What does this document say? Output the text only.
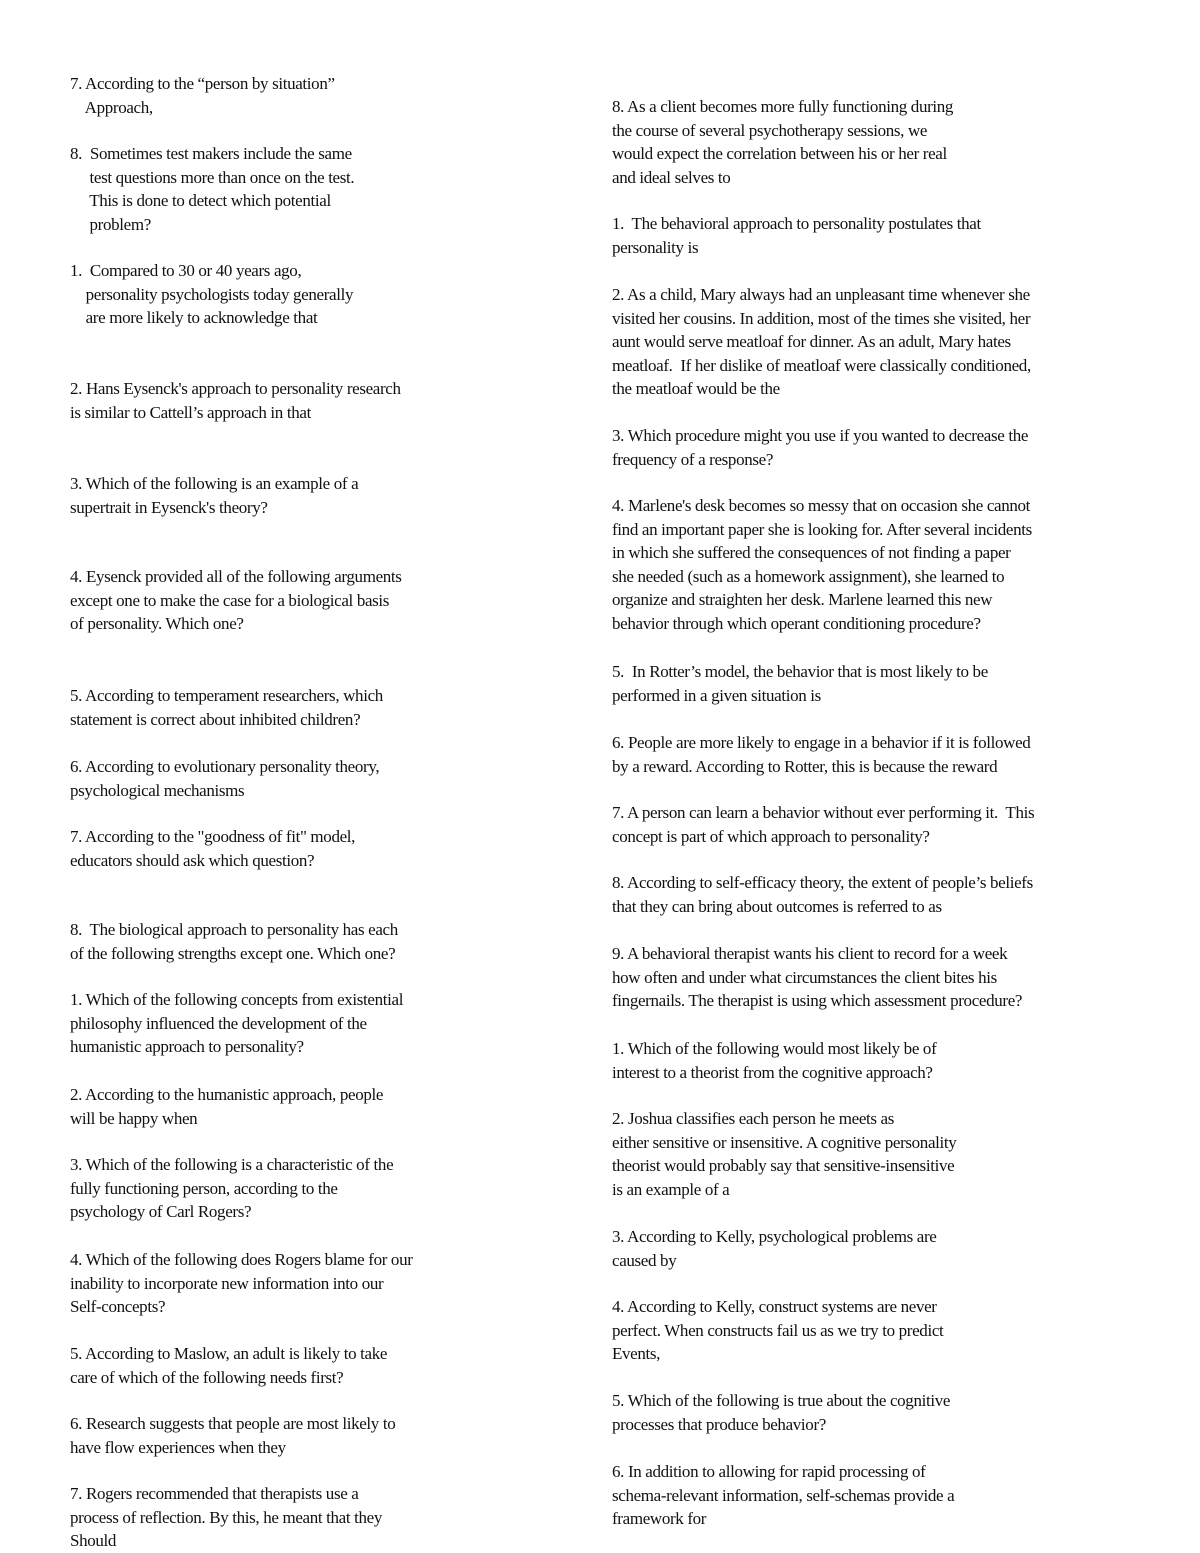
7. According to the “person by situation”
Approach,

8.  Sometimes test makers include the same
test questions more than once on the test.
This is done to detect which potential
problem?

1.  Compared to 30 or 40 years ago,
personality psychologists today generally
are more likely to acknowledge that

2. Hans Eysenck's approach to personality research
is similar to Cattell’s approach in that

3. Which of the following is an example of a
supertrait in Eysenck's theory?

4. Eysenck provided all of the following arguments
except one to make the case for a biological basis
of personality. Which one?

5. According to temperament researchers, which
statement is correct about inhibited children?

6. According to evolutionary personality theory,
psychological mechanisms

7. According to the "goodness of fit" model,
educators should ask which question?

8.  The biological approach to personality has each
of the following strengths except one. Which one?

1. Which of the following concepts from existential
philosophy influenced the development of the
humanistic approach to personality?

2. According to the humanistic approach, people
will be happy when

3. Which of the following is a characteristic of the
fully functioning person, according to the
psychology of Carl Rogers?

4. Which of the following does Rogers blame for our
inability to incorporate new information into our
Self-concepts?

5. According to Maslow, an adult is likely to take
care of which of the following needs first?

6. Research suggests that people are most likely to
have flow experiences when they

7. Rogers recommended that therapists use a
process of reflection. By this, he meant that they
Should

8. As a client becomes more fully functioning during
the course of several psychotherapy sessions, we
would expect the correlation between his or her real
and ideal selves to

1.  The behavioral approach to personality postulates that
personality is

2. As a child, Mary always had an unpleasant time whenever she
visited her cousins. In addition, most of the times she visited, her
aunt would serve meatloaf for dinner. As an adult, Mary hates
meatloaf.  If her dislike of meatloaf were classically conditioned,
the meatloaf would be the

3. Which procedure might you use if you wanted to decrease the
frequency of a response?

4. Marlene's desk becomes so messy that on occasion she cannot
find an important paper she is looking for. After several incidents
in which she suffered the consequences of not finding a paper
she needed (such as a homework assignment), she learned to
organize and straighten her desk. Marlene learned this new
behavior through which operant conditioning procedure?

5.  In Rotter’s model, the behavior that is most likely to be
performed in a given situation is

6. People are more likely to engage in a behavior if it is followed
by a reward. According to Rotter, this is because the reward

7. A person can learn a behavior without ever performing it.  This
concept is part of which approach to personality?

8. According to self-efficacy theory, the extent of people’s beliefs
that they can bring about outcomes is referred to as

9. A behavioral therapist wants his client to record for a week
how often and under what circumstances the client bites his
fingernails. The therapist is using which assessment procedure?

1. Which of the following would most likely be of
interest to a theorist from the cognitive approach?

2. Joshua classifies each person he meets as
either sensitive or insensitive. A cognitive personality
theorist would probably say that sensitive-insensitive
is an example of a

3. According to Kelly, psychological problems are
caused by

4. According to Kelly, construct systems are never
perfect. When constructs fail us as we try to predict
Events,

5. Which of the following is true about the cognitive
processes that produce behavior?

6. In addition to allowing for rapid processing of
schema-relevant information, self-schemas provide a
framework for
